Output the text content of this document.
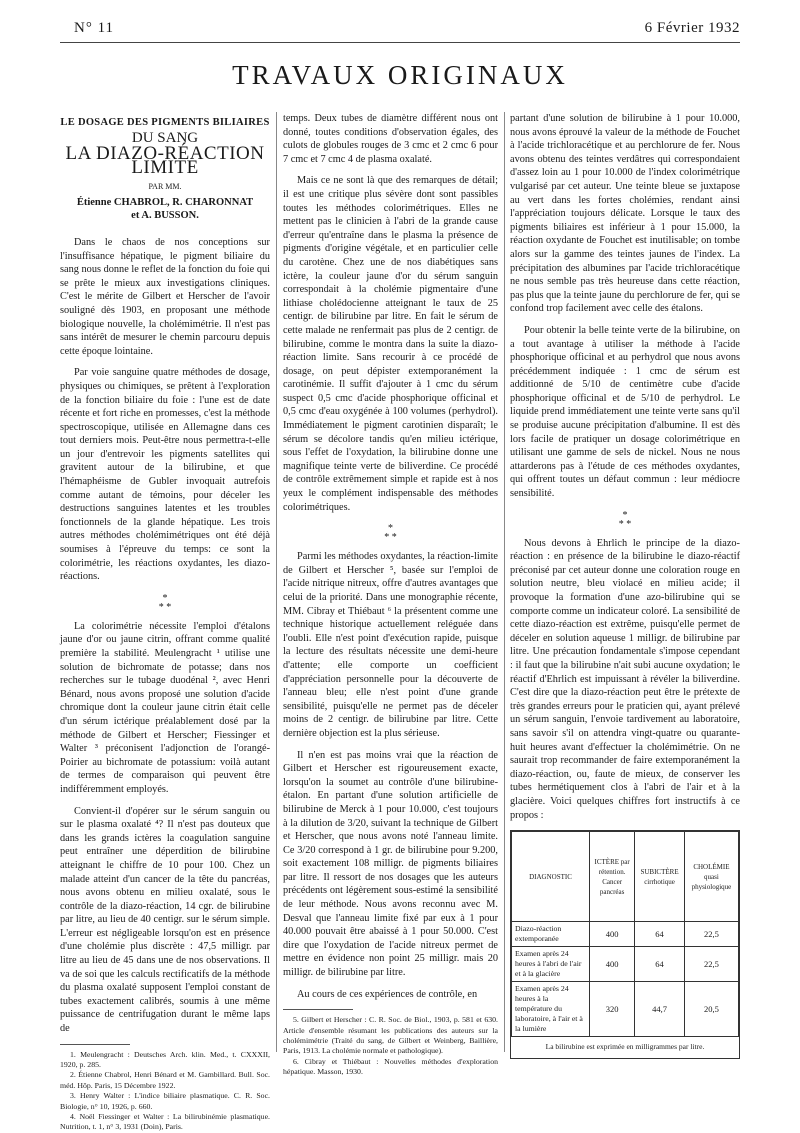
N° 11	6 Février 1932
TRAVAUX ORIGINAUX
LE DOSAGE DES PIGMENTS BILIAIRES
DU SANG
LA DIAZO-RÉACTION LIMITE
PAR MM.
Étienne CHABROL, R. CHARONNAT
et A. BUSSON.

Dans le chaos de nos conceptions sur l'insuffisance hépatique, le pigment biliaire du sang nous donne le reflet de la fonction du foie qui se prête le mieux aux investigations cliniques. C'est le mérite de Gilbert et Herscher de l'avoir souligné dès 1903, en proposant une méthode biologique nouvelle, la cholémimétrie. Il n'est pas sans intérêt de mesurer le chemin parcouru depuis cette époque lointaine.

Par voie sanguine quatre méthodes de dosage, physiques ou chimiques, se prêtent à l'exploration de la fonction biliaire du foie : l'une est de date récente et fort riche en promesses, c'est la méthode spectroscopique, utilisée en Allemagne dans ces tout derniers mois. Peut-être nous permettra-t-elle un jour d'entrevoir les pigments satellites qui gravitent autour de la bilirubine, et que l'hémaphéisme de Gubler invoquait autrefois comme autant de témoins, pour déceler les destructions sanguines latentes et les troubles fonctionnels de la glande hépatique. Les trois autres méthodes cholémimétriques ont été déjà soumises à l'épreuve du temps: ce sont la colorimétrie, les réactions oxydantes, les diazo-réactions.

*
* *

La colorimétrie nécessite l'emploi d'étalons jaune d'or ou jaune citrin, offrant comme qualité première la stabilité. Meulengracht ¹ utilise une solution de bichromate de potasse; dans nos recherches sur le tubage duodénal ², avec Henri Bénard, nous avons proposé une solution d'acide chromique dont la couleur jaune citrin était celle d'un sérum ictérique préalablement dosé par la méthode de Gilbert et Herscher; Fiessinger et Walter ³ préconisent l'adjonction de l'orangé-Poirier au bichromate de potassium: voilà autant de termes de comparaison qui peuvent être indifféremment employés.

Convient-il d'opérer sur le sérum sanguin ou sur le plasma oxalaté ⁴? Il n'est pas douteux que dans les grands ictères la coagulation sanguine peut entraîner une déperdition de bilirubine atteignant le chiffre de 10 pour 100. Chez un malade atteint d'un cancer de la tête du pancréas, nous avons obtenu en milieu oxalaté, sous le contrôle de la diazo-réaction, 14 cgr. de bilirubine par litre, au lieu de 40 centigr. sur le sérum simple. L'erreur est négligeable lorsqu'on est en présence d'une cholémie plus discrète : 47,5 milligr. par litre au lieu de 45 dans une de nos observations. Il va de soi que les calculs rectificatifs de la méthode du plasma oxalaté supposent l'emploi constant de tubes exactement calibrés, soumis à une même puissance de centrifugation durant le même laps de

1. Meulengracht : Deutsches Arch. klin. Med., t. CXXXII, 1920, p. 285.
2. Étienne Chabrol, Henri Bénard et M. Gambillard. Bull. Soc. méd. Hôp. Paris, 15 Décembre 1922.
3. Henry Walter : L'indice biliaire plasmatique. C. R. Soc. Biologie, n° 10, 1926, p. 660.
4. Noël Fiessinger et Walter : La bilirubinémie plasmatique. Nutrition, t. 1, n° 3, 1931 (Doin), Paris.

temps. Deux tubes de diamètre différent nous ont donné, toutes conditions d'observation égales, des culots de globules rouges de 3 cmc et 2 cmc 6 pour 7 cmc et 7 cmc 4 de plasma oxalaté.

Mais ce ne sont là que des remarques de détail; il est une critique plus sévère dont sont passibles toutes les méthodes colorimétriques. Elles ne mettent pas le clinicien à l'abri de la grande cause d'erreur qu'entraîne dans le plasma la présence de pigments d'origine végétale, et en particulier celle du carotène. Chez une de nos diabétiques sans ictère, la couleur jaune d'or du sérum sanguin correspondait à la cholémie pigmentaire d'une lithiase cholédocienne atteignant le taux de 25 centigr. de bilirubine par litre. En fait le sérum de cette malade ne renfermait pas plus de 2 centigr. de bilirubine, comme le montra dans la suite la diazo-réaction limite. Sans recourir à ce procédé de dosage, on peut dépister extemporanément la carotinémie. Il suffit d'ajouter à 1 cmc du sérum suspect 0,5 cmc d'acide phosphorique officinal et 0,5 cmc d'eau oxygénée à 100 volumes (perhydrol). Immédiatement le pigment carotinien disparaît; le sérum se décolore tandis qu'en milieu ictérique, sous l'effet de l'oxydation, la bilirubine donne une magnifique teinte verte de biliverdine. Ce procédé de contrôle extrêmement simple et rapide est à nos yeux le complément indispensable des méthodes colorimétriques.

*
* *

Parmi les méthodes oxydantes, la réaction-limite de Gilbert et Herscher ⁵, basée sur l'emploi de l'acide nitrique nitreux, offre d'autres avantages que celui de la priorité. Dans une monographie récente, MM. Cibray et Thiébaut ⁶ la présentent comme une technique historique actuellement reléguée dans l'oubli. Elle n'est point d'exécution rapide, puisque la lecture des résultats nécessite une demi-heure d'attente; elle comporte un coefficient d'appréciation personnelle pour la découverte de l'anneau bleu; elle n'est point d'une grande sensibilité, puisqu'elle ne permet pas de déceler moins de 2 centigr. de bilirubine par litre. Cette dernière objection est la plus sérieuse.

Il n'en est pas moins vrai que la réaction de Gilbert et Herscher est rigoureusement exacte, lorsqu'on la soumet au contrôle d'une bilirubine-étalon. En partant d'une solution artificielle de bilirubine de Merck à 1 pour 10.000, c'est toujours à la dilution de 3/20, suivant la technique de Gilbert et Herscher, que nous avons noté l'anneau limite. Ce 3/20 correspond à 1 gr. de bilirubine pour 9.200, soit exactement 108 milligr. de pigments biliaires par litre. Il ressort de nos dosages que les auteurs précédents ont légèrement sous-estimé la sensibilité de leur méthode. Nous avons reconnu avec M. Desval que l'anneau limite fixé par eux à 1 pour 40.000 pouvait être abaissé à 1 pour 50.000. C'est dire que l'oxydation de l'acide nitreux permet de mettre en évidence non point 25 milligr. mais 20 milligr. de bilirubine par litre.

Au cours de ces expériences de contrôle, en

5. Gilbert et Herscher : C. R. Soc. de Biol., 1903, p. 581 et 630. Article d'ensemble résumant les publications des auteurs sur la cholémimétrie (Traité du sang, de Gilbert et Weinberg, Baillière, Paris, 1913. La cholémie normale et pathologique).
6. Cibray et Thiébaut : Nouvelles méthodes d'exploration hépatique. Masson, 1930.

partant d'une solution de bilirubine à 1 pour 10.000, nous avons éprouvé la valeur de la méthode de Fouchet à l'acide trichloracétique et au perchlorure de fer. Nous avons obtenu des teintes verdâtres qui correspondaient d'assez loin au 1 pour 10.000 de l'index colorimétrique vulgarisé par cet auteur. Une teinte bleue se juxtapose au vert dans les fortes cholémies, rendant ainsi l'appréciation toujours délicate. Lorsque le taux des pigments biliaires est inférieur à 1 pour 15.000, la réaction oxydante de Fouchet est inutilisable; on tombe alors sur la gamme des teintes jaunes de l'index. La précipitation des albumines par l'acide trichloracétique ne nous semble pas très heureuse dans cette réaction, pas plus que la teinte jaune du perchlorure de fer, qui se confond trop facilement avec celle des étalons.

Pour obtenir la belle teinte verte de la bilirubine, on a tout avantage à utiliser la méthode à l'acide phosphorique officinal et au perhydrol que nous avons précédemment indiquée : 1 cmc de sérum est additionné de 5/10 de centimètre cube d'acide phosphorique officinal et de 5/10 de perhydrol. Le liquide prend immédiatement une teinte verte sans qu'il se produise aucune précipitation d'albumine. Il est dès lors facile de pratiquer un dosage colorimétrique en utilisant une gamme de sels de nickel. Nous ne nous attarderons pas à l'étude de ces méthodes oxydantes, qui offrent toutes un défaut commun : leur médiocre sensibilité.

*
* *

Nous devons à Ehrlich le principe de la diazo-réaction : en présence de la bilirubine le diazo-réactif préconisé par cet auteur donne une coloration rouge en solution neutre, bleu violacé en milieu acide; il provoque la formation d'une azo-bilirubine qui se comporte comme un indicateur coloré. La sensibilité de cette diazo-réaction est extrême, puisqu'elle permet de déceler en solution aqueuse 1 milligr. de bilirubine par litre. Une précaution fondamentale s'impose cependant : il faut que la bilirubine n'ait subi aucune oxydation; le réactif d'Ehrlich est impuissant à révéler la biliverdine. C'est dire que la diazo-réaction peut être le prétexte de très grandes erreurs pour le praticien qui, ayant prélevé un sérum sanguin, l'envoie tardivement au laboratoire, sans savoir s'il on attendra vingt-quatre ou quarante-huit heures avant d'effectuer la cholémimétrie. On ne saurait trop recommander de faire extemporanément la diazo-réaction, ou, faute de mieux, de conserver les tubes hermétiquement clos à l'abri de l'air et à la glacière. Voici quelques chiffres fort instructifs à ce propos :

DIAGNOSTIC	ICTÈRE par rétention. Cancer pancréas	SUBICTÈRE cirrhotique	CHOLÉMIE quasi physiologique
Diazo-réaction extemporanée	400	64	22,5
Examen après 24 heures à l'abri de l'air et à la glacière	400	64	22,5
Examen après 24 heures à la température du laboratoire, à l'air et à la lumière	320	44,7	20,5
La bilirubine est exprimée en milligrammes par litre.
